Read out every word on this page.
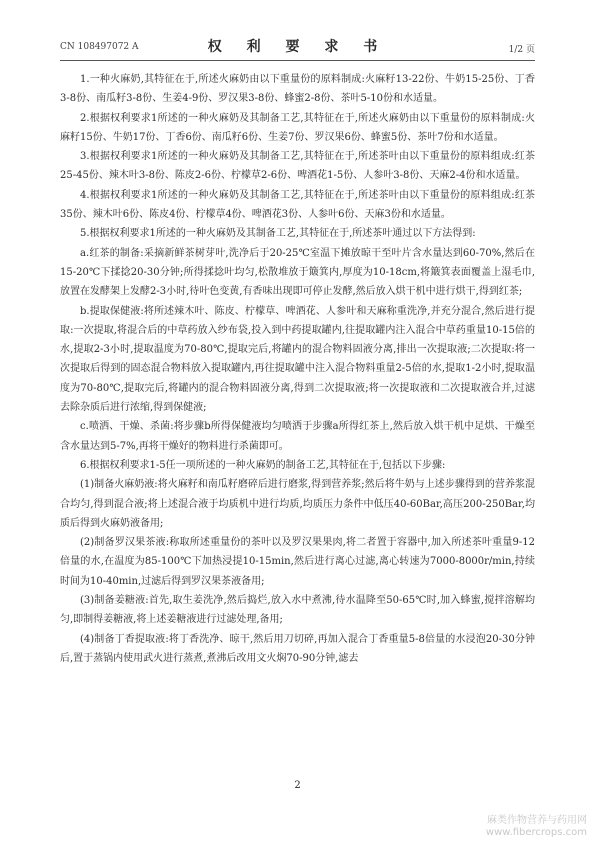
CN 108497072 A	权 利 要 求 书	1/2 页

1.一种火麻奶,其特征在于,所述火麻奶由以下重量份的原料制成:火麻籽13-22份、牛奶15-25份、丁香3-8份、南瓜籽3-8份、生姜4-9份、罗汉果3-8份、蜂蜜2-8份、茶叶5-10份和水适量。

2.根据权利要求1所述的一种火麻奶及其制备工艺,其特征在于,所述火麻奶由以下重量份的原料制成:火麻籽15份、牛奶17份、丁香6份、南瓜籽6份、生姜7份、罗汉果6份、蜂蜜5份、茶叶7份和水适量。

3.根据权利要求1所述的一种火麻奶及其制备工艺,其特征在于,所述茶叶由以下重量份的原料组成:红茶25-45份、辣木叶3-8份、陈皮2-6份、柠檬草2-6份、啤酒花1-5份、人参叶3-8份、天麻2-4份和水适量。

4.根据权利要求1所述的一种火麻奶及其制备工艺,其特征在于,所述茶叶由以下重量份的原料组成:红茶35份、辣木叶6份、陈皮4份、柠檬草4份、啤酒花3份、人参叶6份、天麻3份和水适量。

5.根据权利要求1所述的一种火麻奶及其制备工艺,其特征在于,所述茶叶通过以下方法得到:

a.红茶的制备:采摘新鲜茶树芽叶,洗净后于20-25℃室温下摊放晾干至叶片含水量达到60-70%,然后在15-20℃下揉捻20-30分钟;所得揉捻叶均匀,松散堆放于簸箕内,厚度为10-18cm,将簸箕表面覆盖上湿毛巾,放置在发酵架上发酵2-3小时,待叶色变黄,有香味出现即可停止发酵,然后放入烘干机中进行烘干,得到红茶;

b.提取保健液:将所述辣木叶、陈皮、柠檬草、啤酒花、人参叶和天麻称重洗净,并充分混合,然后进行提取:一次提取,将混合后的中草药放入纱布袋,投入到中药提取罐内,往提取罐内注入混合中草药重量10-15倍的水,提取2-3小时,提取温度为70-80℃,提取完后,将罐内的混合物料固液分离,排出一次提取液;二次提取:将一次提取后得到的固态混合物料放入提取罐内,再往提取罐中注入混合物料重量2-5倍的水,提取1-2小时,提取温度为70-80℃,提取完后,将罐内的混合物料固液分离,得到二次提取液;将一次提取液和二次提取液合并,过滤去除杂质后进行浓缩,得到保健液;

c.喷洒、干燥、杀菌:将步骤b所得保健液均匀喷洒于步骤a所得红茶上,然后放入烘干机中足烘、干燥至含水量达到5-7%,再将干燥好的物料进行杀菌即可。

6.根据权利要求1-5任一项所述的一种火麻奶的制备工艺,其特征在于,包括以下步骤:

(1)制备火麻奶液:将火麻籽和南瓜籽磨碎后进行磨浆,得到营养浆;然后将牛奶与上述步骤得到的营养浆混合均匀,得到混合液;将上述混合液于均质机中进行均质,均质压力条件中低压40-60Bar,高压200-250Bar,均质后得到火麻奶液备用;

(2)制备罗汉果茶液:称取所述重量份的茶叶以及罗汉果果肉,将二者置于容器中,加入所述茶叶重量9-12倍量的水,在温度为85-100℃下加热浸提10-15min,然后进行离心过滤,离心转速为7000-8000r/min,持续时间为10-40min,过滤后得到罗汉果茶液备用;

(3)制备姜糖液:首先,取生姜洗净,然后捣烂,放入水中煮沸,待水温降至50-65℃时,加入蜂蜜,搅拌溶解均匀,即制得姜糖液,将上述姜糖液进行过滤处理,备用;

(4)制备丁香提取液:将丁香洗净、晾干,然后用刀切碎,再加入混合丁香重量5-8倍量的水浸泡20-30分钟后,置于蒸锅内使用武火进行蒸煮,煮沸后改用文火焖70-90分钟,滤去

2
麻类作物营养与药用网
www.fibercrops.com
